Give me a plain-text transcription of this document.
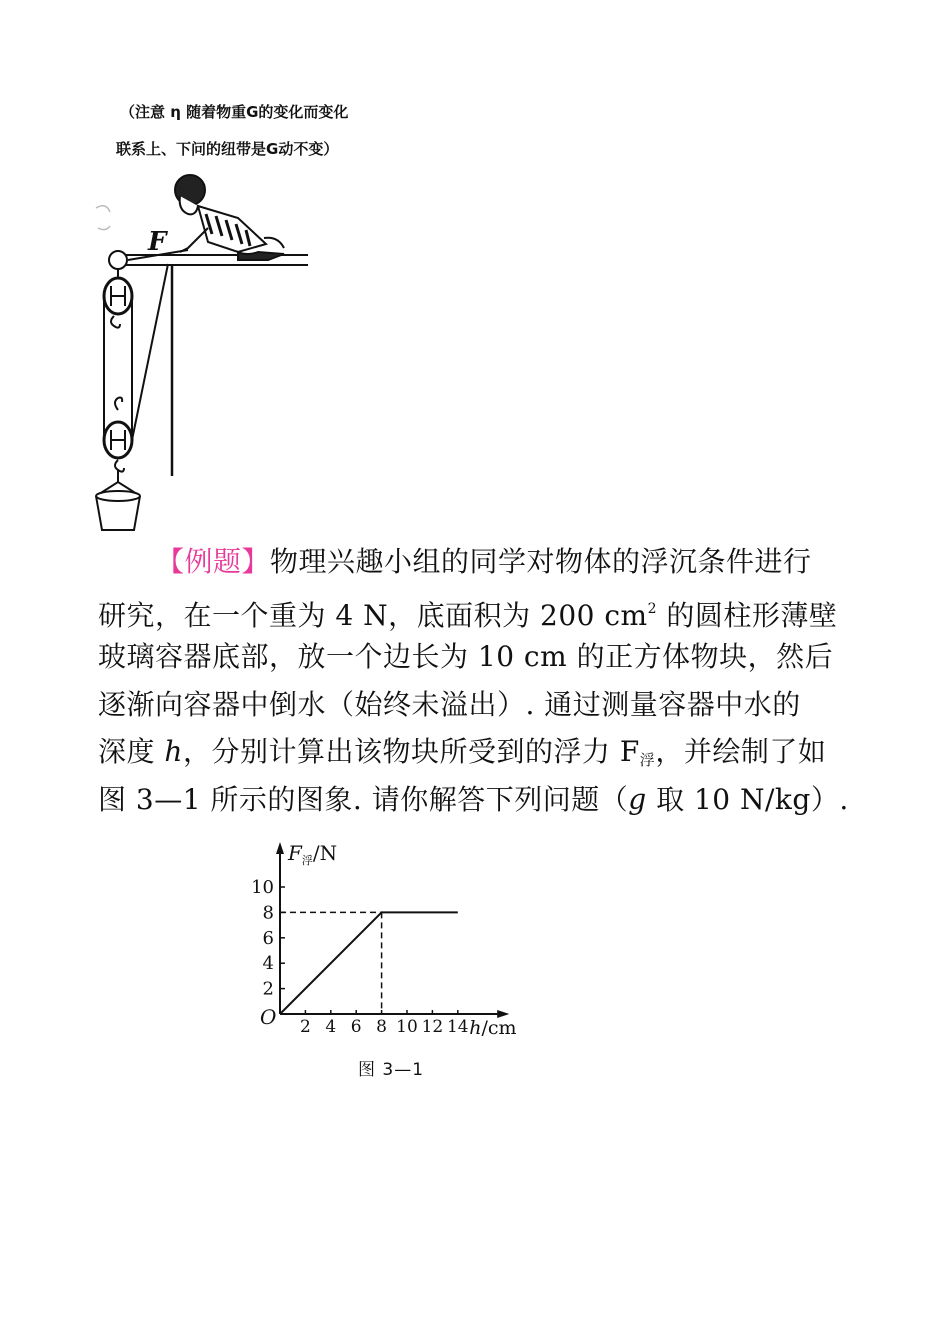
（注意 η 随着物重G的变化而变化
联系上、下问的纽带是G动不变）
F
【例题】物理兴趣小组的同学对物体的浮沉条件进行
研究，在一个重为 4 N，底面积为 200 $cm^2$ 的圆柱形薄壁
玻璃容器底部，放一个边长为 10 cm 的正方体物块，然后
逐渐向容器中倒水（始终未溢出）. 通过测量容器中水的
深度 h，分别计算出该物块所受到的浮力 $F_浮$，并绘制了如
图 3—1 所示的图象. 请你解答下列问题（g 取 10 N/kg）.
2
4
6
8
10
2 4 6 8 10 12 14
O
$F_浮/N$
h/cm
图 3—1
